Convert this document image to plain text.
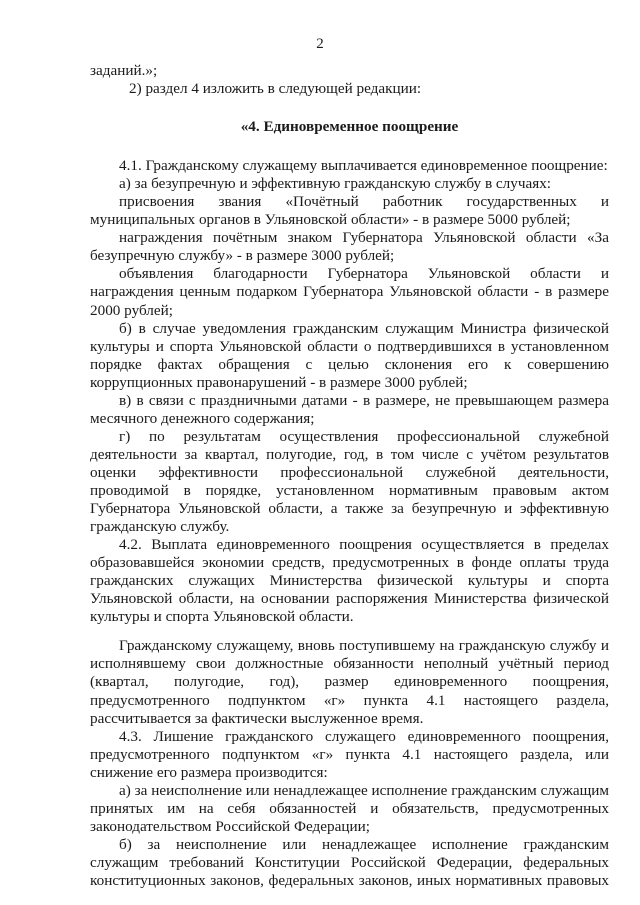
2

заданий.»;

2) раздел 4 изложить в следующей редакции:

«4. Единовременное поощрение

4.1. Гражданскому служащему выплачивается единовременное поощрение:

а) за безупречную и эффективную гражданскую службу в случаях:

присвоения звания «Почётный работник государственных и муниципальных органов в Ульяновской области» - в размере 5000 рублей;

награждения почётным знаком Губернатора Ульяновской области «За безупречную службу» - в размере 3000 рублей;

объявления благодарности Губернатора Ульяновской области и награждения ценным подарком Губернатора Ульяновской области - в размере 2000 рублей;

б) в случае уведомления гражданским служащим Министра физической культуры и спорта Ульяновской области о подтвердившихся в установленном порядке фактах обращения с целью склонения его к совершению коррупционных правонарушений - в размере 3000 рублей;

в) в связи с праздничными датами - в размере, не превышающем размера месячного денежного содержания;

г) по результатам осуществления профессиональной служебной деятельности за квартал, полугодие, год, в том числе с учётом результатов оценки эффективности профессиональной служебной деятельности, проводимой в порядке, установленном нормативным правовым актом Губернатора Ульяновской области, а также за безупречную и эффективную гражданскую службу.

4.2. Выплата единовременного поощрения осуществляется в пределах образовавшейся экономии средств, предусмотренных в фонде оплаты труда гражданских служащих Министерства физической культуры и спорта Ульяновской области, на основании распоряжения Министерства физической культуры и спорта Ульяновской области.

Гражданскому служащему, вновь поступившему на гражданскую службу и исполнявшему свои должностные обязанности неполный учётный период (квартал, полугодие, год), размер единовременного поощрения, предусмотренного подпунктом «г» пункта 4.1 настоящего раздела, рассчитывается за фактически выслуженное время.

4.3. Лишение гражданского служащего единовременного поощрения, предусмотренного подпунктом «г» пункта 4.1 настоящего раздела, или снижение его размера производится:

а) за неисполнение или ненадлежащее исполнение гражданским служащим принятых им на себя обязанностей и обязательств, предусмотренных законодательством Российской Федерации;

б) за неисполнение или ненадлежащее исполнение гражданским служащим требований Конституции Российской Федерации, федеральных конституционных законов, федеральных законов, иных нормативных правовых
